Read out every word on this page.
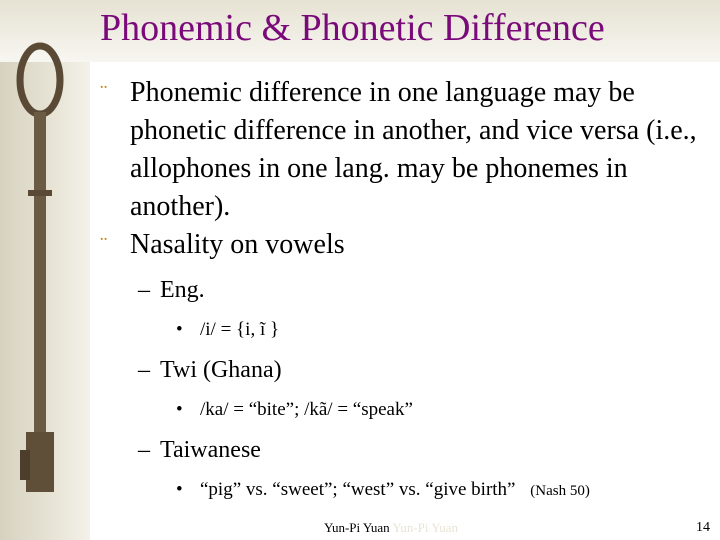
Phonemic & Phonetic Difference
¨ Phonemic difference in one language may be phonetic difference in another, and vice versa (i.e., allophones in one lang. may be phonemes in another).
¨ Nasality on vowels
– Eng.
• /i/ = {i, ĩ }
– Twi (Ghana)
• /ka/ = “bite”; /kã/ = “speak”
– Taiwanese
• “pig” vs. “sweet”; “west” vs. “give birth” (Nash 50)
Yun-Pi Yuan Yun-Pi Yuan	14
